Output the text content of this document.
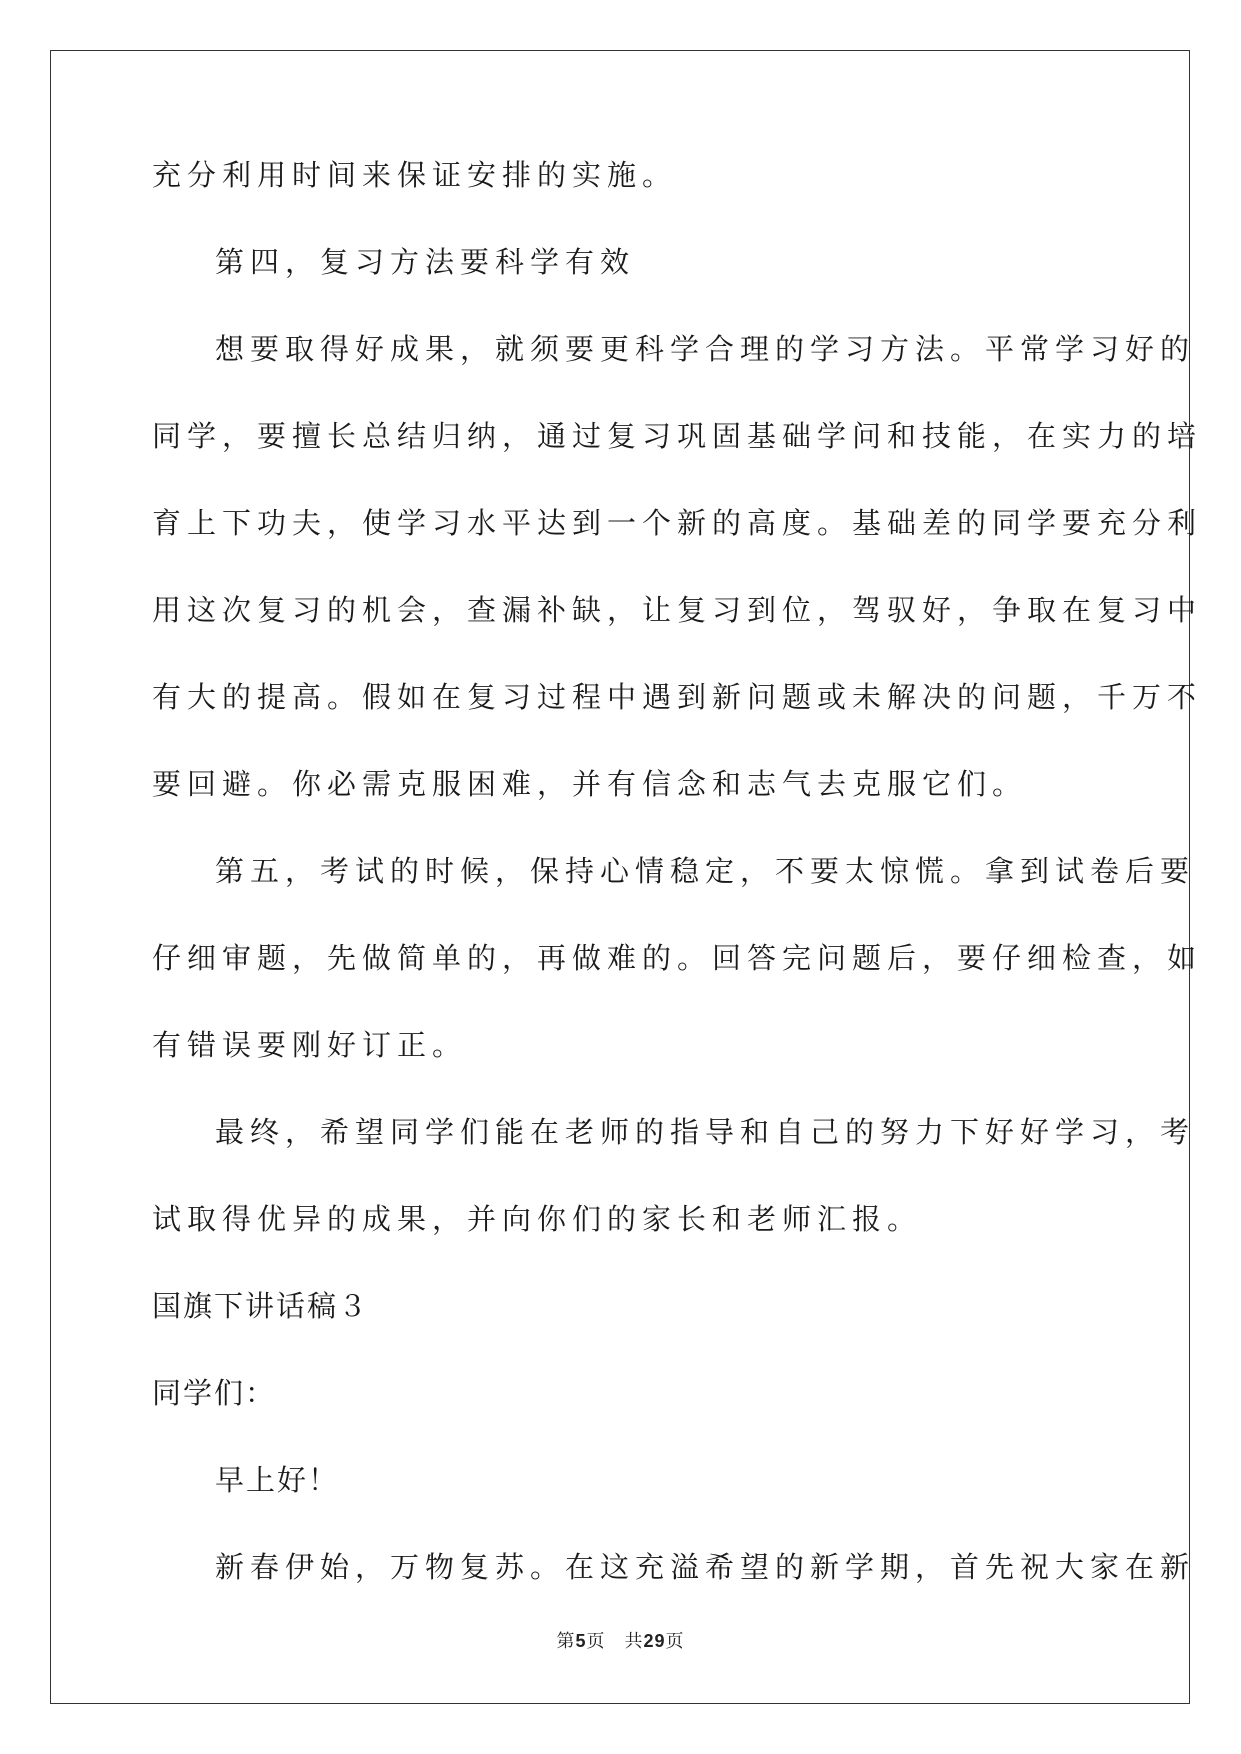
充分利用时间来保证安排的实施。
第四，复习方法要科学有效
想要取得好成果，就须要更科学合理的学习方法。平常学习好的
同学，要擅长总结归纳，通过复习巩固基础学问和技能，在实力的培
育上下功夫，使学习水平达到一个新的高度。基础差的同学要充分利
用这次复习的机会，查漏补缺，让复习到位，驾驭好，争取在复习中
有大的提高。假如在复习过程中遇到新问题或未解决的问题，千万不
要回避。你必需克服困难，并有信念和志气去克服它们。
第五，考试的时候，保持心情稳定，不要太惊慌。拿到试卷后要
仔细审题，先做简单的，再做难的。回答完问题后，要仔细检查，如
有错误要刚好订正。
最终，希望同学们能在老师的指导和自己的努力下好好学习，考
试取得优异的成果，并向你们的家长和老师汇报。
国旗下讲话稿３
同学们：
早上好！
新春伊始，万物复苏。在这充溢希望的新学期，首先祝大家在新
第5页　共29页
